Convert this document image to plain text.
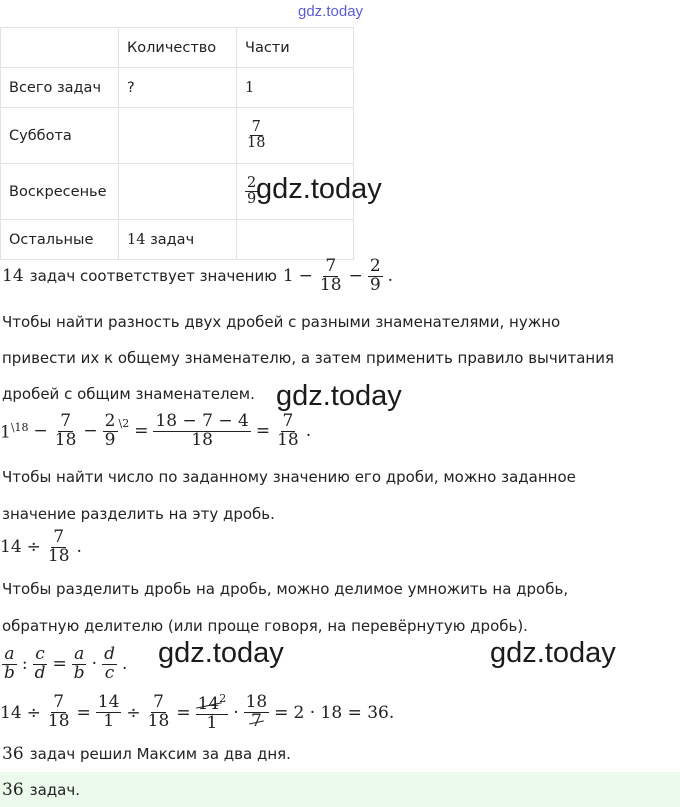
gdz.today
	Количество	Части
Всего задач	?	1
Суббота		$\frac{7}{18}$

Воскресенье		$\frac{2}{9}$

Остальные	14 задач	
gdz.today
14 задач соответствует значению $1 - \frac{7}{18} - \frac{2}{9}$ .
Чтобы найти разность двух дробей с разными знаменателями, нужно
привести их к общему знаменателю, а затем применить правило вычитания
дробей с общим знаменателем. gdz.today
$1^{\backslash 18} - \frac{7}{18} - \frac{2}{9}$ \2 = $\frac{18 - 7 - 4}{18} = \frac{7}{18}$ .
Чтобы найти число по заданному значению его дроби, можно заданное
значение разделить на эту дробь.
$14 \div \frac{7}{18}$ .
Чтобы разделить дробь на дробь, можно делимое умножить на дробь,
обратную делителю (или проще говоря, на перевёрнутую дробь).
$\frac{a}{b}$ : $\frac{c}{d} = \frac{a}{b} \cdot \frac{d}{c}$ . gdz.today	gdz.today
$14 \div \frac{7}{18} = \frac{14}{1} \div \frac{7}{18} = \frac{14^2}{1} \cdot \frac{18}{7} = 2 \cdot 18 = 36$.
36 задач решил Максим за два дня.
36 задач.
